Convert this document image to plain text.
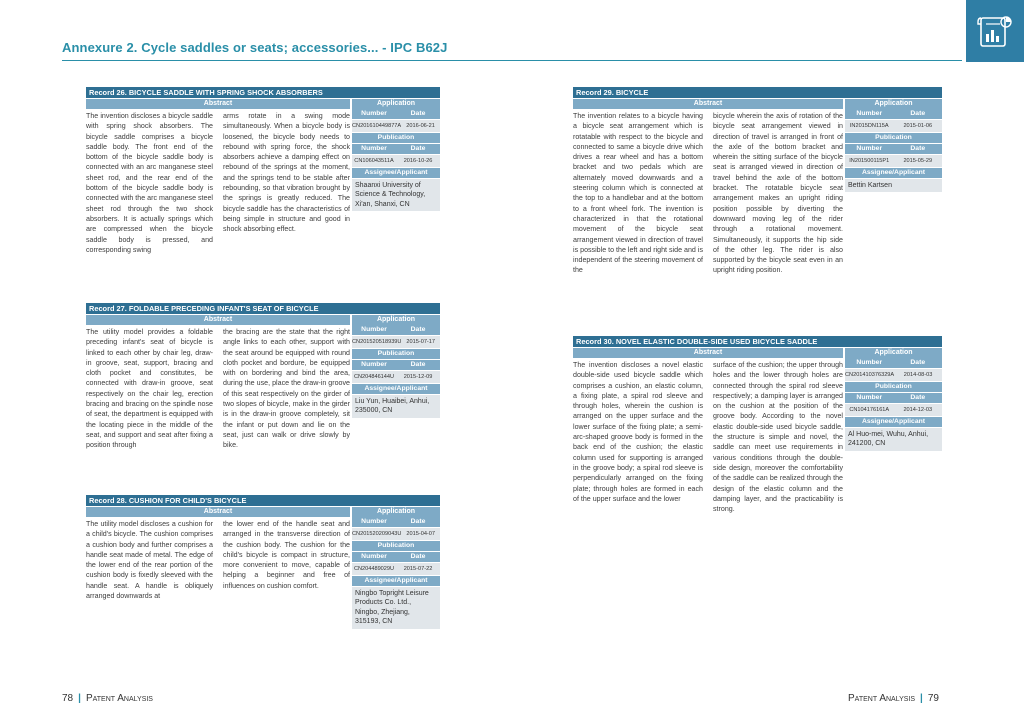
Annexure 2. Cycle saddles or seats; accessories... - IPC B62J
Record 26. BICYCLE SADDLE WITH SPRING SHOCK ABSORBERS
Abstract	Application
The invention discloses a bicycle saddle with spring shock absorbers. The bicycle saddle comprises a bicycle saddle body. The front end of the bottom of the bicycle saddle body is connected with an arc manganese steel sheet rod, and the rear end of the bottom of the bicycle saddle body is connected with the arc manganese steel sheet rod through the two shock absorbers. It is actually springs which are compressed when the bicycle saddle body is pressed, and corresponding swing
arms rotate in a swing mode simultaneously. When a bicycle body is loosened, the bicycle body needs to rebound with spring force, the shock absorbers achieve a damping effect on rebound of the springs at the moment, and the springs tend to be stable after rebounding, so that vibration brought by the springs is greatly reduced. The bicycle saddle has the characteristics of being simple in structure and good in shock absorbing effect.
Number	Date
CN201610449877A 2016-06-21
Publication
Number	Date
CN106043511A	2016-10-26
Assignee/Applicant
Shaanxi University of Science & Technology, Xi'an, Shanxi, CN
Record 27. FOLDABLE PRECEDING INFANT'S SEAT OF BICYCLE
Abstract	Application
The utility model provides a foldable preceding infant's seat of bicycle is linked to each other by chair leg, draw-in groove, seat, support, bracing and cloth pocket and constitutes, be connected with draw-in groove, seat respectively on the chair leg, erection bracing and bracing on the spindle nose of seat, the department is equipped with the locating piece in the middle of the seat, and support and seat after fixing a position through
the bracing are the state that the right angle links to each other, support with the seat around be equipped with round cloth pocket and bordure, be equipped with on bordering and bind the area, during the use, place the draw-in groove of this seat respectively on the girder of two slopes of bicycle, make in the girder is in the draw-in groove completely, sit the infant or put down and lie on the seat, just can walk or drive slowly by bike.
Number	Date
CN201520518939U 2015-07-17
Publication
Number	Date
CN204846144U	2015-12-09
Assignee/Applicant
Liu Yun, Huaibei, Anhui, 235000, CN
Record 28. CUSHION FOR CHILD'S BICYCLE
Abstract	Application
The utility model discloses a cushion for a child's bicycle. The cushion comprises a cushion body and further comprises a handle seat made of metal. The edge of the lower end of the rear portion of the cushion body is fixedly sleeved with the handle seat. A handle is obliquely arranged downwards at
the lower end of the handle seat and arranged in the transverse direction of the cushion body. The cushion for the child's bicycle is compact in structure, more convenient to move, capable of helping a beginner and free of influences on cushion comfort.
Number	Date
CN201520209043U 2015-04-07
Publication
Number	Date
CN204489029U	2015-07-22
Assignee/Applicant
Ningbo Topright Leisure Products Co. Ltd., Ningbo, Zhejiang, 315193, CN
Record 29. BICYCLE
Abstract	Application
The invention relates to a bicycle having a bicycle seat arrangement which is rotatable with respect to the bicycle and connected to same a bicycle drive which drives a rear wheel and has a bottom bracket and two pedals which are alternately moved downwards and a steering column which is connected at the top to a handlebar and at the bottom to a front wheel fork. The invention is characterized in that the rotational movement of the bicycle seat arrangement viewed in direction of travel is possible to the left and right side and is independent of the steering movement of the
bicycle wherein the axis of rotation of the bicycle seat arrangement viewed in direction of travel is arranged in front of the axle of the bottom bracket and wherein the sitting surface of the bicycle seat is arranged viewed in direction of travel behind the axle of the bottom bracket. The rotatable bicycle seat arrangement makes an upright riding position possible by diverting the downward moving leg of the rider through a rotational movement. Simultaneously, it supports the hip side of the other leg. The rider is also supported by the bicycle seat even in an upright riding position.
Number	Date
IN2015DN115A	2015-01-06
Publication
Number	Date
IN201500115P1	2015-05-29
Assignee/Applicant
Bettin Kartsen
Record 30. NOVEL ELASTIC DOUBLE-SIDE USED BICYCLE SADDLE
Abstract	Application
The invention discloses a novel elastic double-side used bicycle saddle which comprises a cushion, an elastic column, a fixing plate, a spiral rod sleeve and through holes, wherein the cushion is arranged on the upper surface and the lower surface of the fixing plate; a semi-arc-shaped groove body is formed in the back end of the cushion; the elastic column used for supporting is arranged in the groove body; a spiral rod sleeve is perpendicularly arranged on the fixing plate; through holes are formed in each of the upper surface and the lower
surface of the cushion; the upper through holes and the lower through holes are connected through the spiral rod sleeve respectively; a damping layer is arranged on the cushion at the position of the groove body. According to the novel elastic double-side used bicycle saddle, the structure is simple and novel, the saddle can meet use requirements in various conditions through the double-side design, moreover the comfortability of the saddle can be realized through the design of the elastic column and the damping layer, and the practicability is strong.
Number	Date
CN201410376329A	2014-08-03
Publication
Number	Date
CN104176161A	2014-12-03
Assignee/Applicant
Al Huo-mei, Wuhu, Anhui, 241200, CN
78 | Patent Analysis	Patent Analysis | 79
